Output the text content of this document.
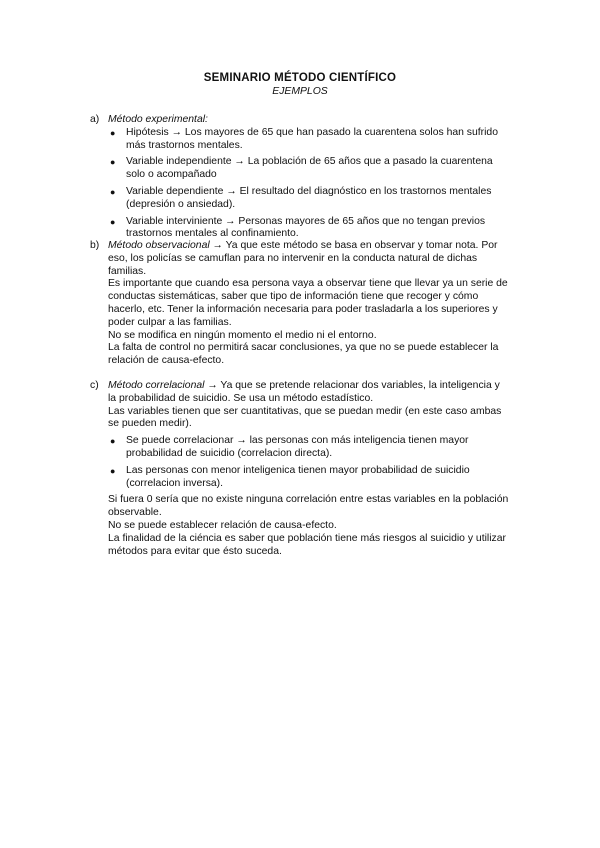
SEMINARIO MÉTODO CIENTÍFICO
EJEMPLOS
a) Método experimental:

● Hipótesis → Los mayores de 65 que han pasado la cuarentena solos han sufrido más trastornos mentales.
● Variable independiente → La población de 65 años que a pasado la cuarentena solo o acompañado
● Variable dependiente → El resultado del diagnóstico en los trastornos mentales (depresión o ansiedad).
● Variable interviniente → Personas mayores de 65 años que no tengan previos trastornos mentales al confinamiento.
b) Método observacional → Ya que este método se basa en observar y tomar nota. Por eso, los policías se camuflan para no intervenir en la conducta natural de dichas familias.

Es importante que cuando esa persona vaya a observar tiene que llevar ya un serie de conductas sistemáticas, saber que tipo de información tiene que recoger y cómo hacerlo, etc. Tener la información necesaria para poder trasladarla a los superiores y poder culpar a las familias.

No se modifica en ningún momento el medio ni el entorno.

La falta de control no permitirá sacar conclusiones, ya que no se puede establecer la relación de causa-efecto.

c) Método correlacional → Ya que se pretende relacionar dos variables, la inteligencia y la probabilidad de suicidio. Se usa un método estadístico.

Las variables tienen que ser cuantitativas, que se puedan medir (en este caso ambas se pueden medir).

● Se puede correlacionar → las personas con más inteligencia tienen mayor probabilidad de suicidio (correlacion directa).
● Las personas con menor inteligenica tienen mayor probabilidad de suicidio (correlacion inversa).

Si fuera 0 sería que no existe ninguna correlación entre estas variables en la población observable.

No se puede establecer relación de causa-efecto.

La finalidad de la ciéncia es saber que población tiene más riesgos al suicidio y utilizar métodos para evitar que ésto suceda.
